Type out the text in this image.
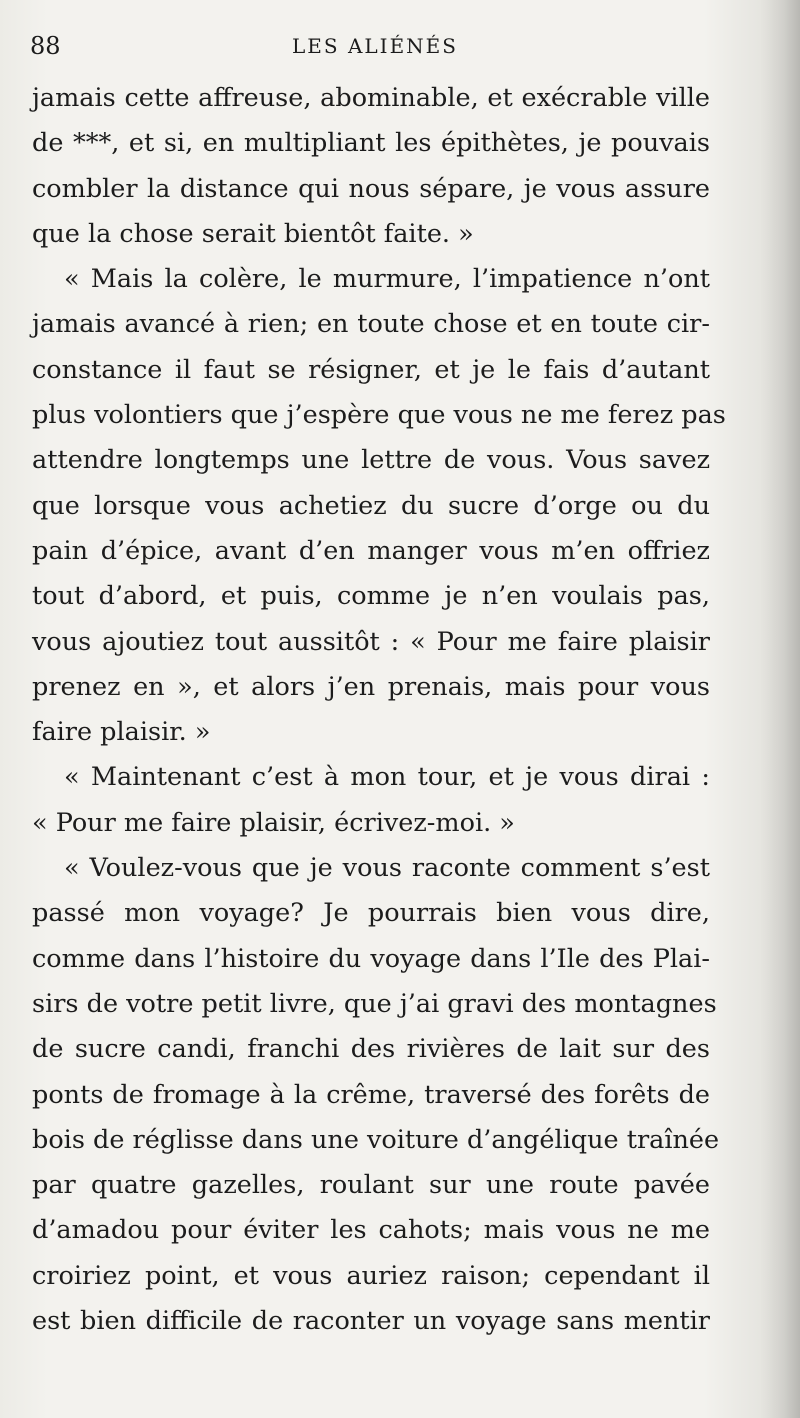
88	LES ALIÉNÉS
jamais cette affreuse, abominable, et exécrable ville
de ***, et si, en multipliant les épithètes, je pouvais
combler la distance qui nous sépare, je vous assure
que la chose serait bientôt faite. »
« Mais la colère, le murmure, l’impatience n’ont
jamais avancé à rien; en toute chose et en toute cir-
constance il faut se résigner, et je le fais d’autant
plus volontiers que j’espère que vous ne me ferez pas
attendre longtemps une lettre de vous. Vous savez
que lorsque vous achetiez du sucre d’orge ou du
pain d’épice, avant d’en manger vous m’en offriez
tout d’abord, et puis, comme je n’en voulais pas,
vous ajoutiez tout aussitôt : « Pour me faire plaisir
prenez en », et alors j’en prenais, mais pour vous
faire plaisir. »
« Maintenant c’est à mon tour, et je vous dirai :
« Pour me faire plaisir, écrivez-moi. »
« Voulez-vous que je vous raconte comment s’est
passé mon voyage? Je pourrais bien vous dire,
comme dans l’histoire du voyage dans l’Ile des Plai-
sirs de votre petit livre, que j’ai gravi des montagnes
de sucre candi, franchi des rivières de lait sur des
ponts de fromage à la crême, traversé des forêts de
bois de réglisse dans une voiture d’angélique traînée
par quatre gazelles, roulant sur une route pavée
d’amadou pour éviter les cahots; mais vous ne me
croiriez point, et vous auriez raison; cependant il
est bien difficile de raconter un voyage sans mentir
